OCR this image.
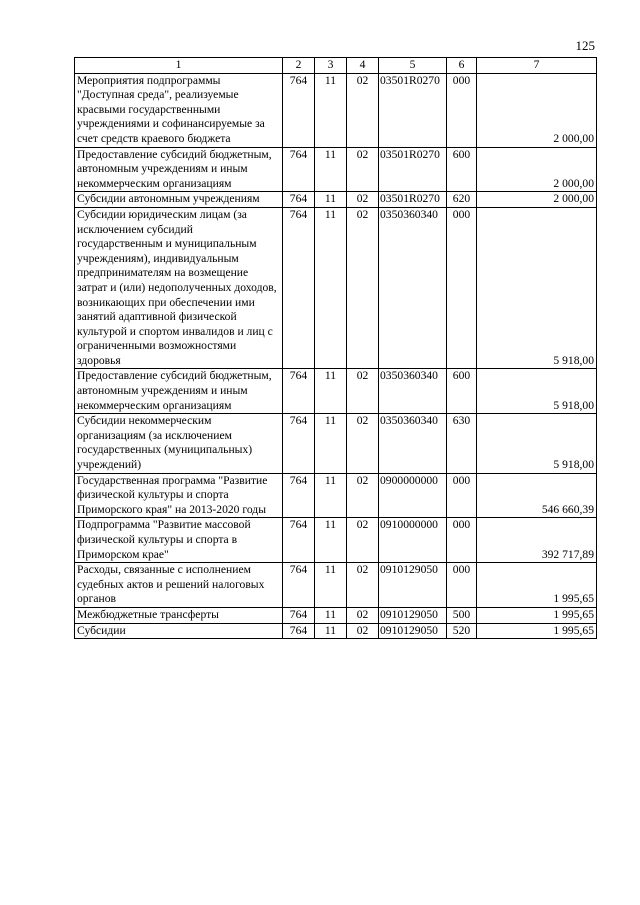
125
1	2	3	4	5	6	7
Мероприятия подпрограммы "Доступная среда", реализуемые красвыми государственными учреждениями и софинансируемые за счет средств краевого бюджета	764	11	02	03501R0270	000	2 000,00
Предоставление субсидий бюджетным, автономным учреждениям и иным некоммерческим организациям	764	11	02	03501R0270	600	2 000,00
Субсидии автономным учреждениям	764	11	02	03501R0270	620	2 000,00
Субсидии юридическим лицам (за исключением субсидий государственным и муниципальным учреждениям), индивидуальным предпринимателям на возмещение затрат и (или) недополученных доходов, возникающих при обеспечении ими занятий адаптивной физической культурой и спортом инвалидов и лиц с ограниченными возможностями здоровья	764	11	02	0350360340	000	5 918,00
Предоставление субсидий бюджетным, автономным учреждениям и иным некоммерческим организациям	764	11	02	0350360340	600	5 918,00
Субсидии некоммерческим организациям (за исключением государственных (муниципальных) учреждений)	764	11	02	0350360340	630	5 918,00
Государственная программа "Развитие физической культуры и спорта Приморского края" на 2013-2020 годы	764	11	02	0900000000	000	546 660,39
Подпрограмма "Развитие массовой физической культуры и спорта в Приморском крае"	764	11	02	0910000000	000	392 717,89
Расходы, связанные с исполнением судебных актов и решений налоговых органов	764	11	02	0910129050	000	1 995,65
Межбюджетные трансферты	764	11	02	0910129050	500	1 995,65
Субсидии	764	11	02	0910129050	520	1 995,65
